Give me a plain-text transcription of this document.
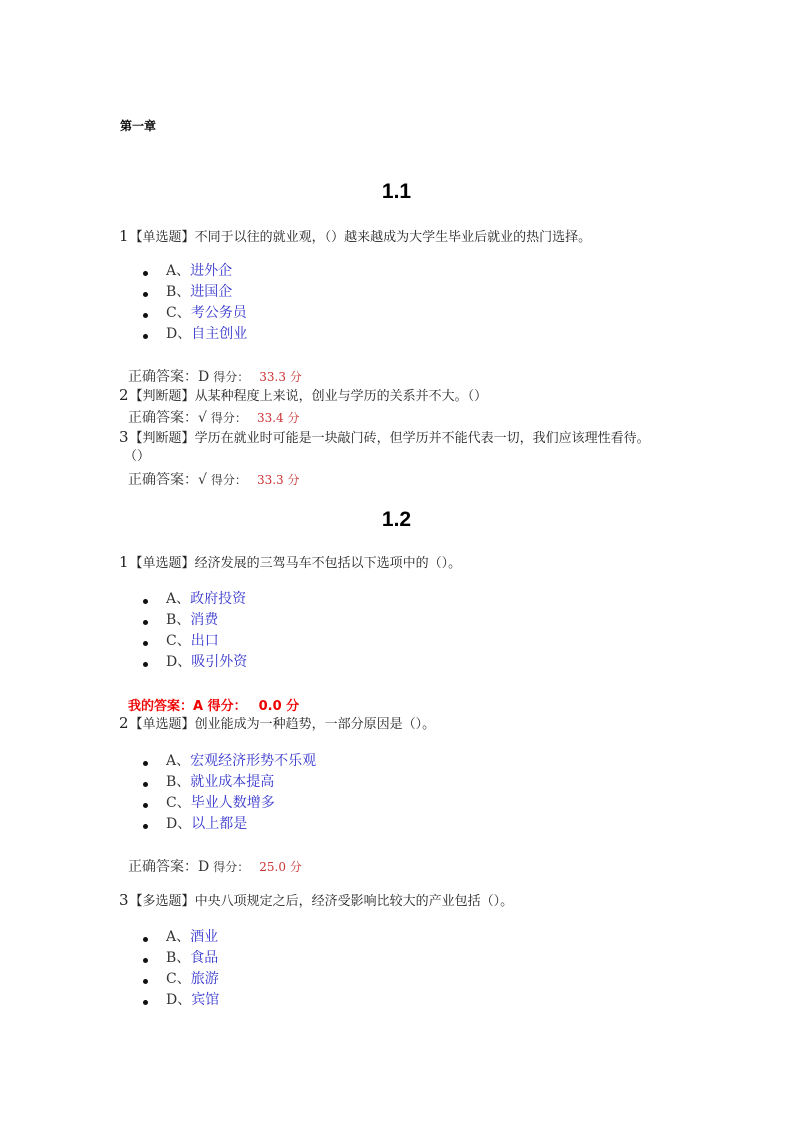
第一章
1.1
1【单选题】不同于以往的就业观，（）越来越成为大学生毕业后就业的热门选择。
A、进外企
B、进国企
C、考公务员
D、自主创业
正确答案：D 得分： 33.3 分
2【判断题】从某种程度上来说，创业与学历的关系并不大。（）
正确答案：√ 得分： 33.4 分
3【判断题】学历在就业时可能是一块敲门砖，但学历并不能代表一切，我们应该理性看待。
（）
正确答案：√ 得分： 33.3 分
1.2
1【单选题】经济发展的三驾马车不包括以下选项中的（）。
A、政府投资
B、消费
C、出口
D、吸引外资
我的答案：A 得分： 0.0 分
2【单选题】创业能成为一种趋势，一部分原因是（）。
A、宏观经济形势不乐观
B、就业成本提高
C、毕业人数增多
D、以上都是
正确答案：D 得分： 25.0 分
3【多选题】中央八项规定之后，经济受影响比较大的产业包括（）。
A、酒业
B、食品
C、旅游
D、宾馆
